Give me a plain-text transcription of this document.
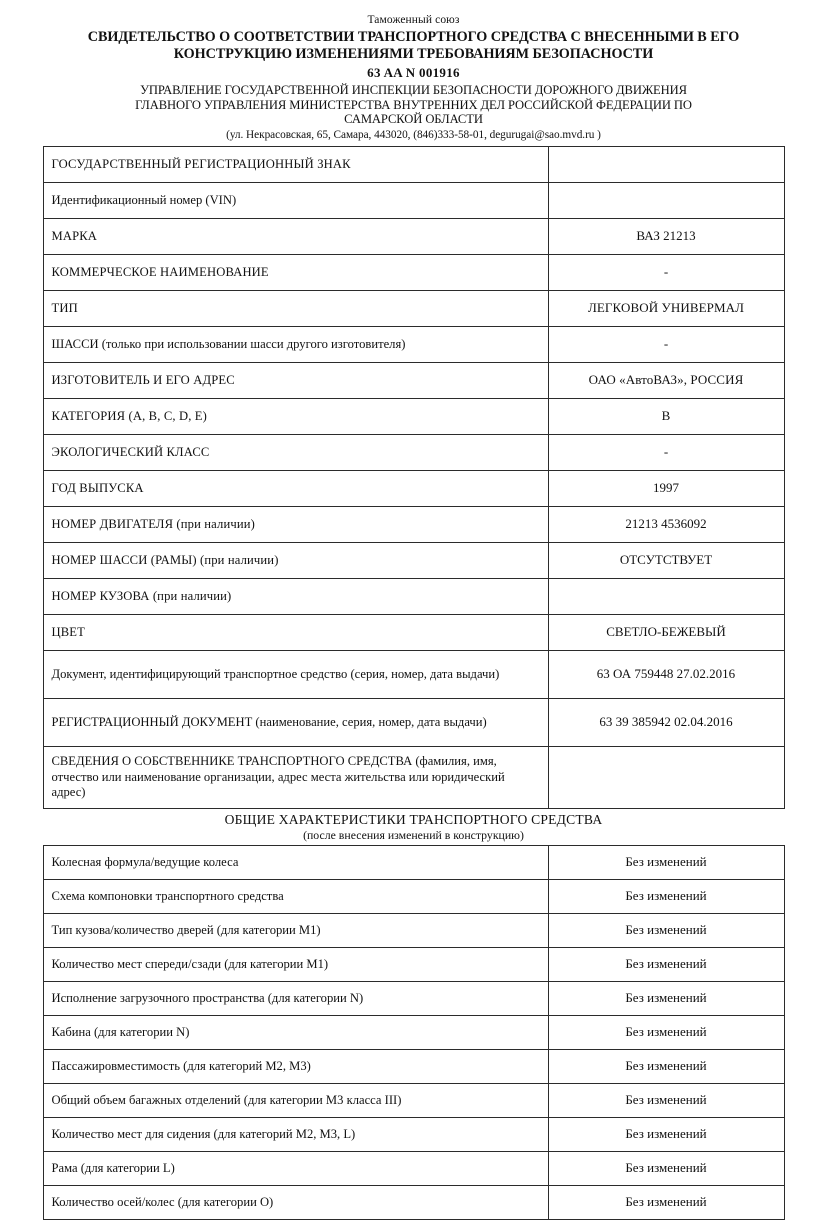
Таможенный союз
СВИДЕТЕЛЬСТВО О СООТВЕТСТВИИ ТРАНСПОРТНОГО СРЕДСТВА С ВНЕСЕННЫМИ В ЕГО
КОНСТРУКЦИЮ ИЗМЕНЕНИЯМИ ТРЕБОВАНИЯМ БЕЗОПАСНОСТИ
63 AA N 001916
УПРАВЛЕНИЕ ГОСУДАРСТВЕННОЙ ИНСПЕКЦИИ БЕЗОПАСНОСТИ ДОРОЖНОГО ДВИЖЕНИЯ
ГЛАВНОГО УПРАВЛЕНИЯ МИНИСТЕРСТВА ВНУТРЕННИХ ДЕЛ РОССИЙСКОЙ ФЕДЕРАЦИИ ПО
САМАРСКОЙ ОБЛАСТИ
(ул. Некрасовская, 65, Самара, 443020, (846)333-58-01, degurugai@sao.mvd.ru )
ГОСУДАРСТВЕННЫЙ РЕГИСТРАЦИОННЫЙ ЗНАК	
Идентификационный номер (VIN)	
МАРКА	ВАЗ 21213
КОММЕРЧЕСКОЕ НАИМЕНОВАНИЕ	-
ТИП	ЛЕГКОВОЙ УНИВЕРМАЛ
ШАССИ (только при использовании шасси другого изготовителя)	-
ИЗГОТОВИТЕЛЬ И ЕГО АДРЕС	ОАО «АвтоВАЗ», РОССИЯ
КАТЕГОРИЯ (A, B, C, D, E)	B
ЭКОЛОГИЧЕСКИЙ КЛАСС	-
ГОД ВЫПУСКА	1997
НОМЕР ДВИГАТЕЛЯ (при наличии)	21213 4536092
НОМЕР ШАССИ (РАМЫ) (при наличии)	ОТСУТСТВУЕТ
НОМЕР КУЗОВА (при наличии)	
ЦВЕТ	СВЕТЛО-БЕЖЕВЫЙ
Документ, идентифицирующий транспортное средство (серия, номер, дата выдачи)	63 ОА 759448 27.02.2016
РЕГИСТРАЦИОННЫЙ ДОКУМЕНТ (наименование, серия, номер, дата выдачи)	63 39 385942 02.04.2016
СВЕДЕНИЯ О СОБСТВЕННИКЕ ТРАНСПОРТНОГО СРЕДСТВА (фамилия, имя, отчество или наименование организации, адрес места жительства или юридический адрес)	
ОБЩИЕ ХАРАКТЕРИСТИКИ ТРАНСПОРТНОГО СРЕДСТВА
(после внесения изменений в конструкцию)
Колесная формула/ведущие колеса	Без изменений
Схема компоновки транспортного средства	Без изменений
Тип кузова/количество дверей (для категории M1)	Без изменений
Количество мест спереди/сзади (для категории M1)	Без изменений
Исполнение загрузочного пространства (для категории N)	Без изменений
Кабина (для категории N)	Без изменений
Пассажировместимость (для категорий M2, M3)	Без изменений
Общий объем багажных отделений (для категории M3 класса III)	Без изменений
Количество мест для сидения (для категорий M2, M3, L)	Без изменений
Рама (для категории L)	Без изменений
Количество осей/колес (для категории O)	Без изменений
